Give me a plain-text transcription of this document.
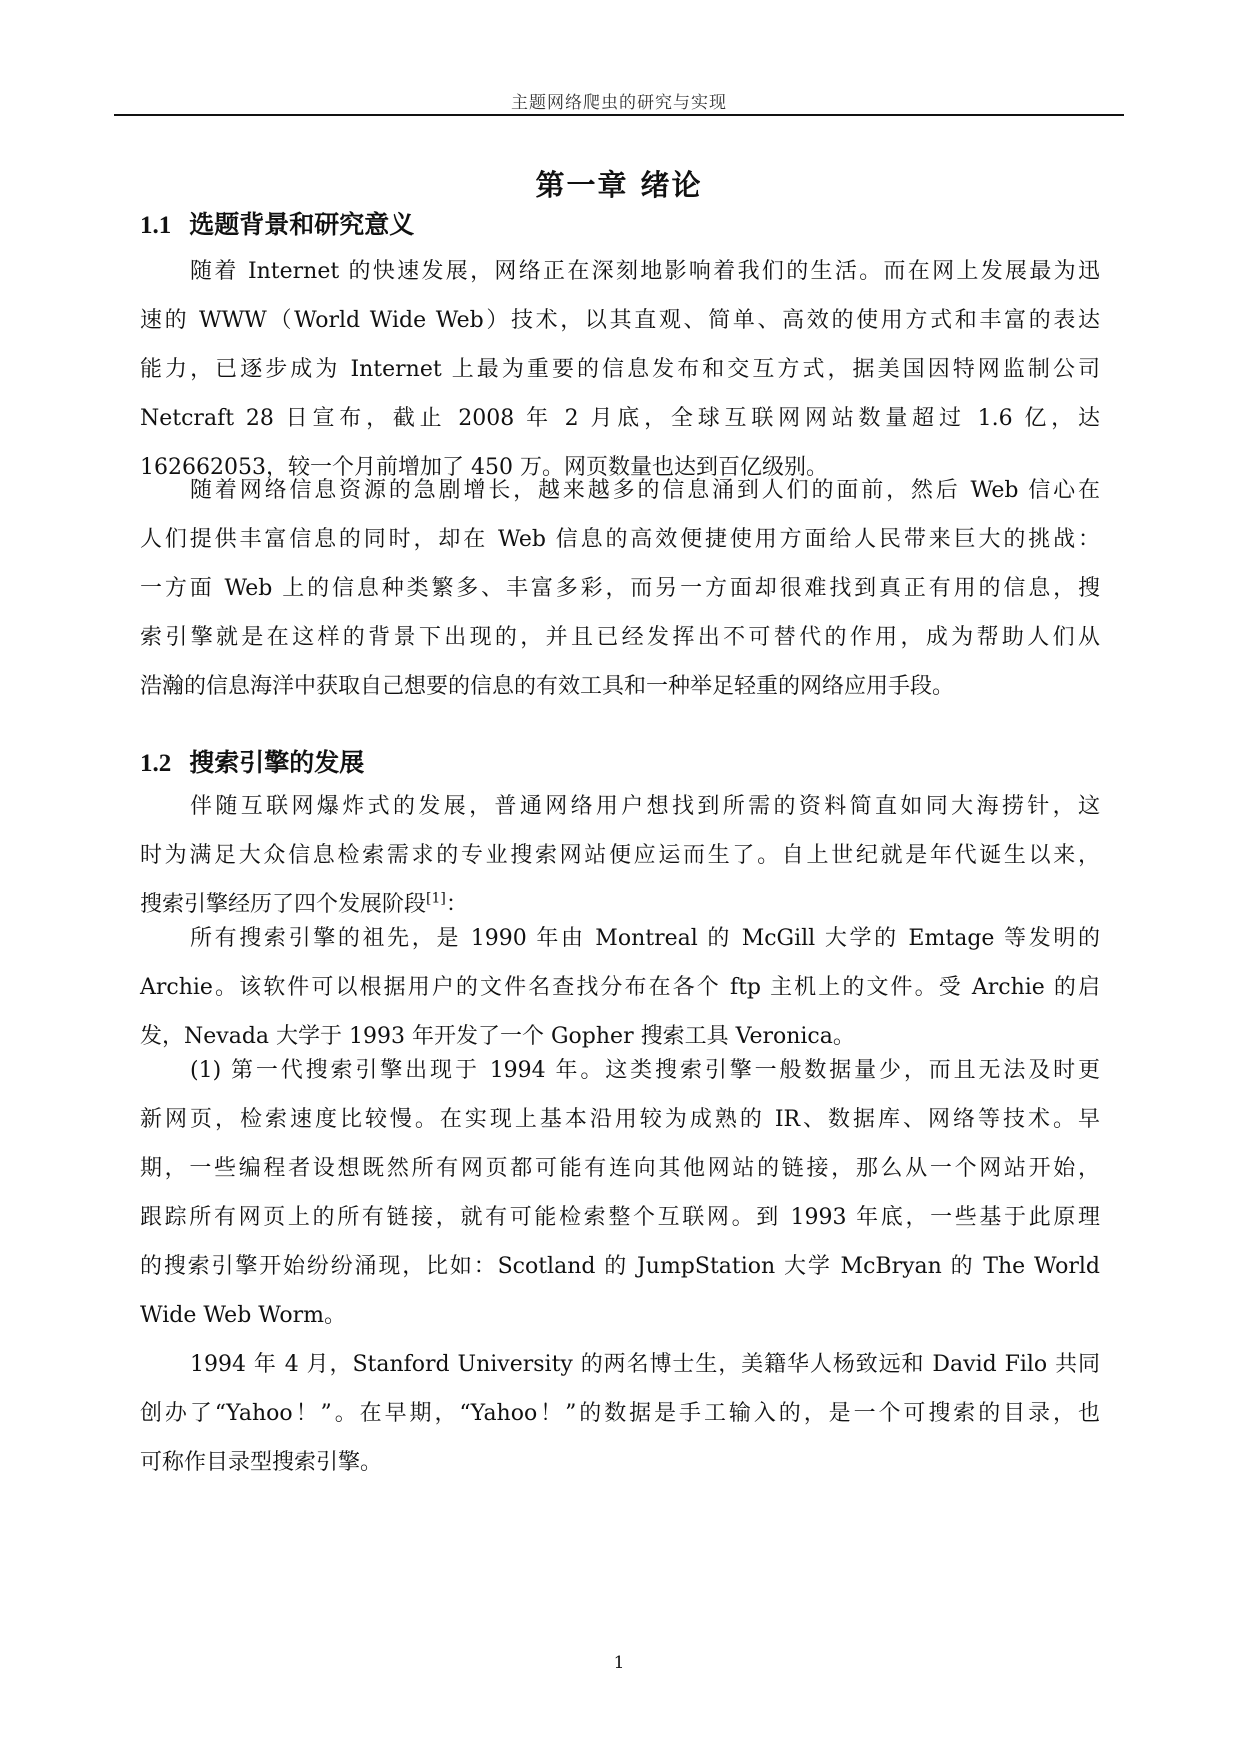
主题网络爬虫的研究与实现
第一章 绪论
1.1 选题背景和研究意义
随着 Internet 的快速发展，网络正在深刻地影响着我们的生活。而在网上发展最为迅
速的 WWW（World Wide Web）技术，以其直观、简单、高效的使用方式和丰富的表达
能力，已逐步成为 Internet 上最为重要的信息发布和交互方式，据美国因特网监制公司
Netcraft 28 日宣布，截止 2008 年 2 月底，全球互联网网站数量超过 1.6 亿，达
162662053，较一个月前增加了 450 万。网页数量也达到百亿级别。
随着网络信息资源的急剧增长，越来越多的信息涌到人们的面前，然后 Web 信心在
人们提供丰富信息的同时，却在 Web 信息的高效便捷使用方面给人民带来巨大的挑战：
一方面 Web 上的信息种类繁多、丰富多彩，而另一方面却很难找到真正有用的信息，搜
索引擎就是在这样的背景下出现的，并且已经发挥出不可替代的作用，成为帮助人们从
浩瀚的信息海洋中获取自己想要的信息的有效工具和一种举足轻重的网络应用手段。
1.2 搜索引擎的发展
伴随互联网爆炸式的发展，普通网络用户想找到所需的资料简直如同大海捞针，这
时为满足大众信息检索需求的专业搜索网站便应运而生了。自上世纪就是年代诞生以来，
搜索引擎经历了四个发展阶段[1]：
所有搜索引擎的祖先，是 1990 年由 Montreal 的 McGill 大学的 Emtage 等发明的
Archie。该软件可以根据用户的文件名查找分布在各个 ftp 主机上的文件。受 Archie 的启
发，Nevada 大学于 1993 年开发了一个 Gopher 搜索工具 Veronica。
(1) 第一代搜索引擎出现于 1994 年。这类搜索引擎一般数据量少，而且无法及时更
新网页，检索速度比较慢。在实现上基本沿用较为成熟的 IR、数据库、网络等技术。早
期，一些编程者设想既然所有网页都可能有连向其他网站的链接，那么从一个网站开始，
跟踪所有网页上的所有链接，就有可能检索整个互联网。到 1993 年底，一些基于此原理
的搜索引擎开始纷纷涌现，比如：Scotland 的 JumpStation 大学 McBryan 的 The World
Wide Web Worm。
1994 年 4 月，Stanford University 的两名博士生，美籍华人杨致远和 David Filo 共同
创办了“Yahoo！”。在早期，“Yahoo！”的数据是手工输入的，是一个可搜索的目录，也
可称作目录型搜索引擎。
1
